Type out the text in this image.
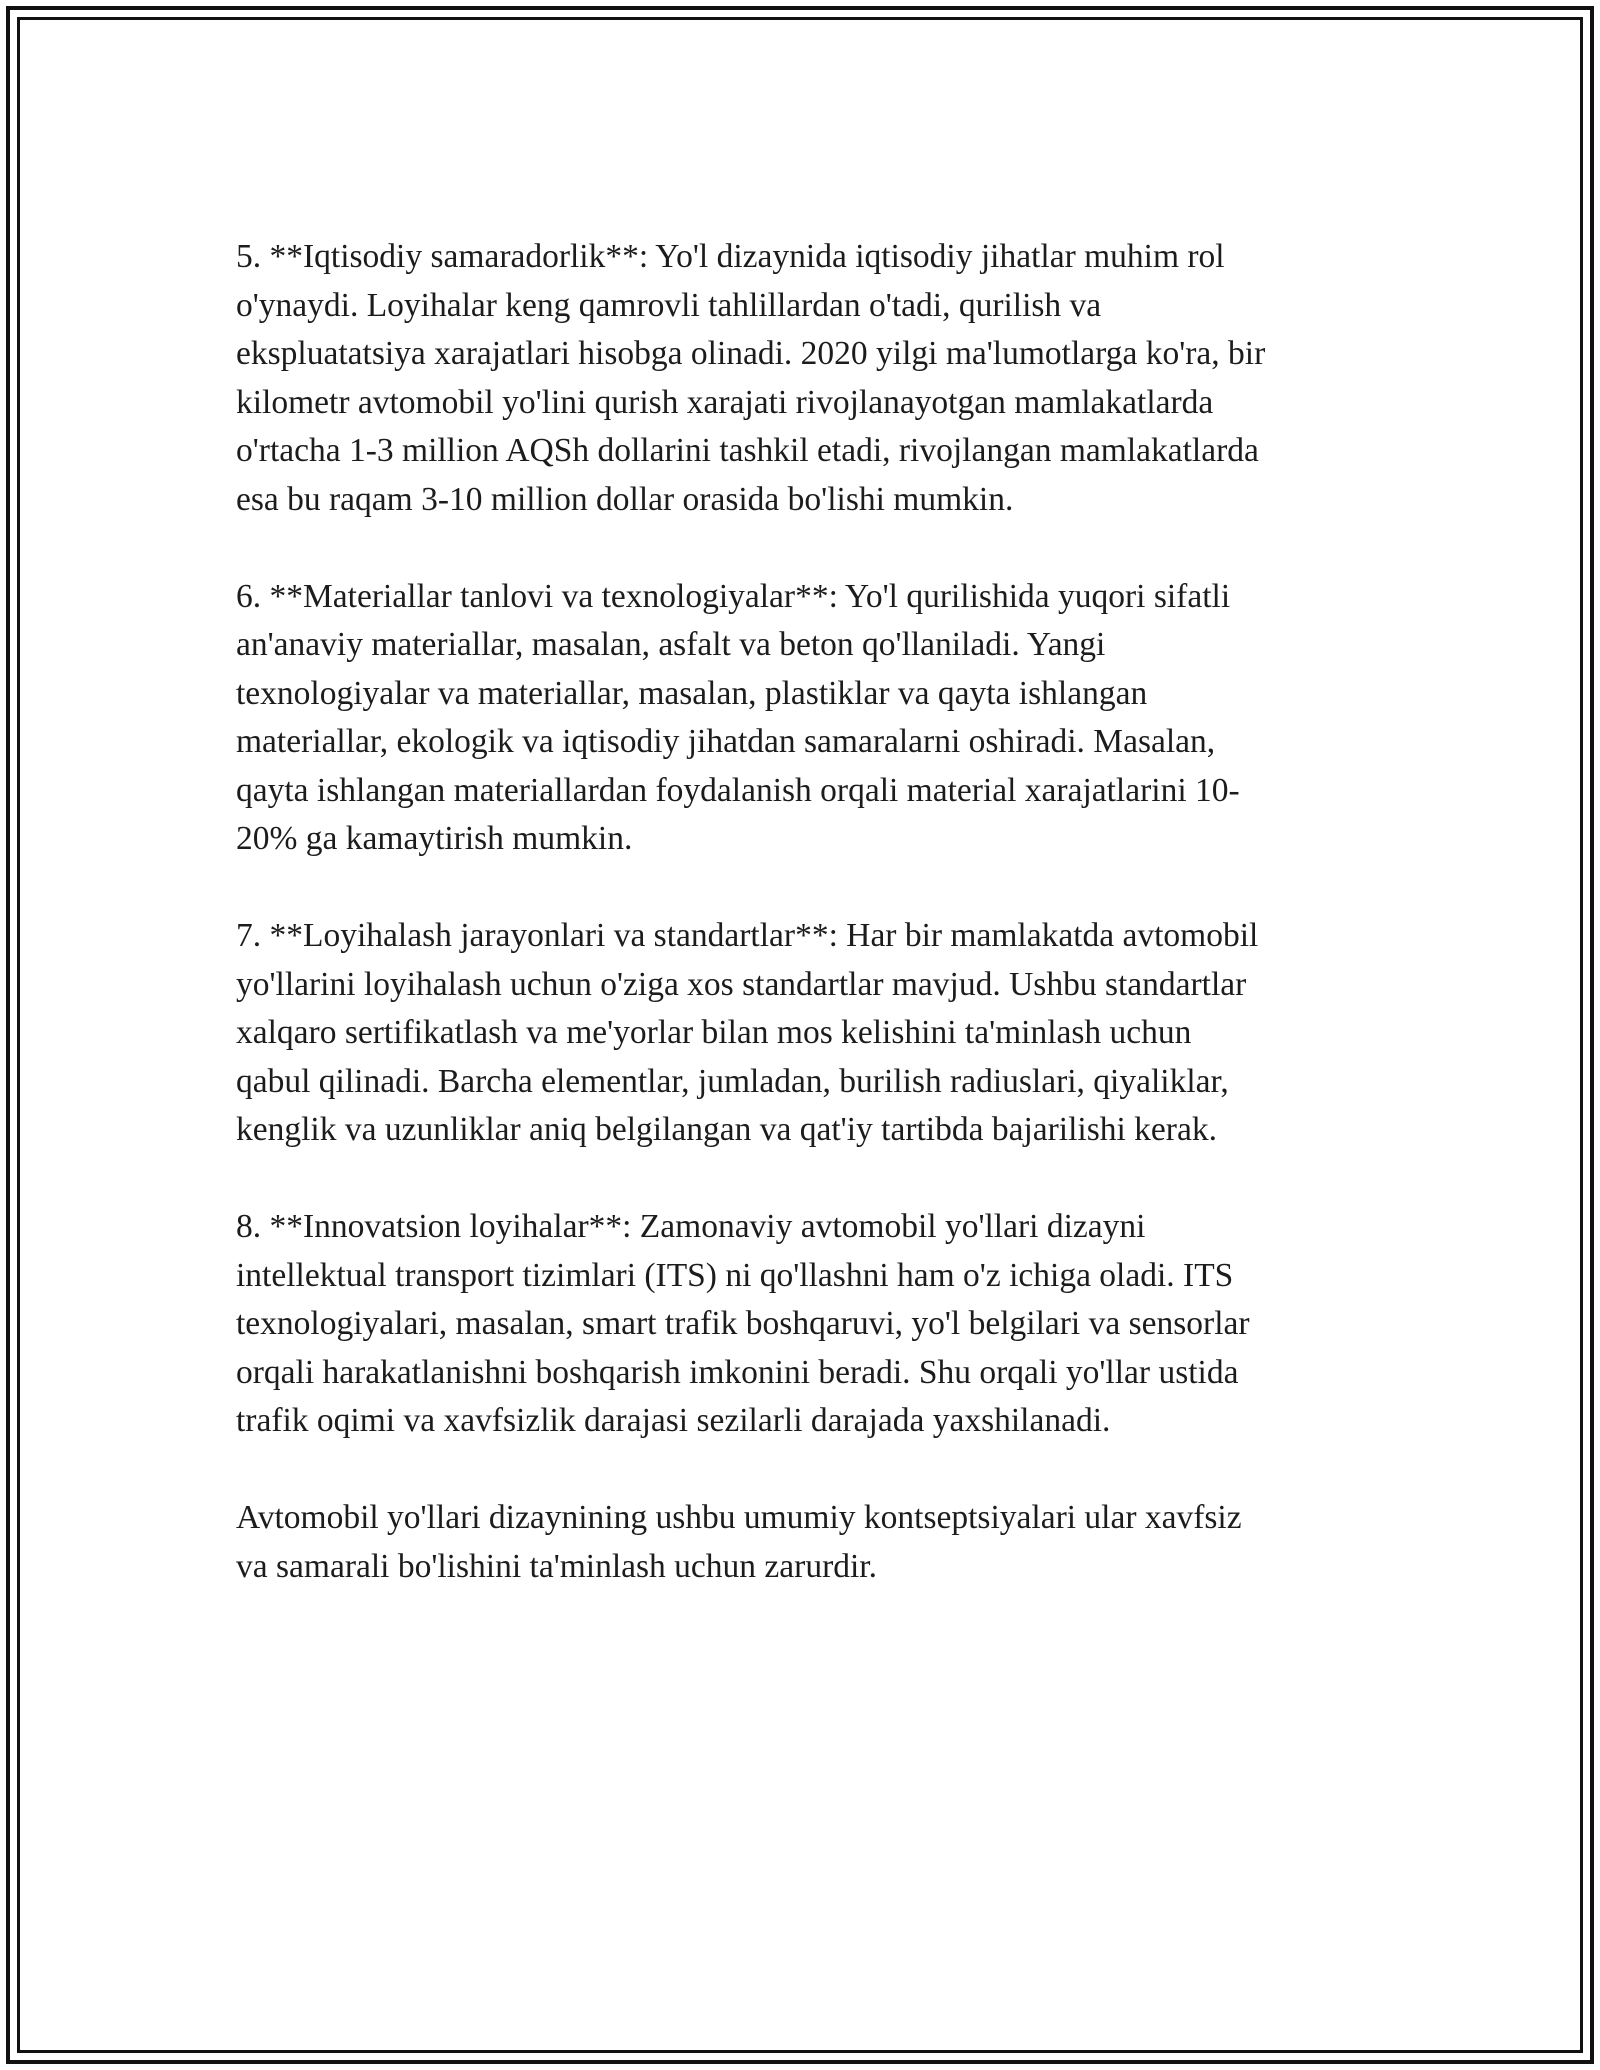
5. **Iqtisodiy samaradorlik**: Yo'l dizaynida iqtisodiy jihatlar muhim rol
o'ynaydi. Loyihalar keng qamrovli tahlillardan o'tadi, qurilish va
ekspluatatsiya xarajatlari hisobga olinadi. 2020 yilgi ma'lumotlarga ko'ra, bir
kilometr avtomobil yo'lini qurish xarajati rivojlanayotgan mamlakatlarda
o'rtacha 1-3 million AQSh dollarini tashkil etadi, rivojlangan mamlakatlarda
esa bu raqam 3-10 million dollar orasida bo'lishi mumkin.

6. **Materiallar tanlovi va texnologiyalar**: Yo'l qurilishida yuqori sifatli
an'anaviy materiallar, masalan, asfalt va beton qo'llaniladi. Yangi
texnologiyalar va materiallar, masalan, plastiklar va qayta ishlangan
materiallar, ekologik va iqtisodiy jihatdan samaralarni oshiradi. Masalan,
qayta ishlangan materiallardan foydalanish orqali material xarajatlarini 10-
20% ga kamaytirish mumkin.

7. **Loyihalash jarayonlari va standartlar**: Har bir mamlakatda avtomobil
yo'llarini loyihalash uchun o'ziga xos standartlar mavjud. Ushbu standartlar
xalqaro sertifikatlash va me'yorlar bilan mos kelishini ta'minlash uchun
qabul qilinadi. Barcha elementlar, jumladan, burilish radiuslari, qiyaliklar,
kenglik va uzunliklar aniq belgilangan va qat'iy tartibda bajarilishi kerak.

8. **Innovatsion loyihalar**: Zamonaviy avtomobil yo'llari dizayni
intellektual transport tizimlari (ITS) ni qo'llashni ham o'z ichiga oladi. ITS
texnologiyalari, masalan, smart trafik boshqaruvi, yo'l belgilari va sensorlar
orqali harakatlanishni boshqarish imkonini beradi. Shu orqali yo'llar ustida
trafik oqimi va xavfsizlik darajasi sezilarli darajada yaxshilanadi.

Avtomobil yo'llari dizaynining ushbu umumiy kontseptsiyalari ular xavfsiz
va samarali bo'lishini ta'minlash uchun zarurdir.
